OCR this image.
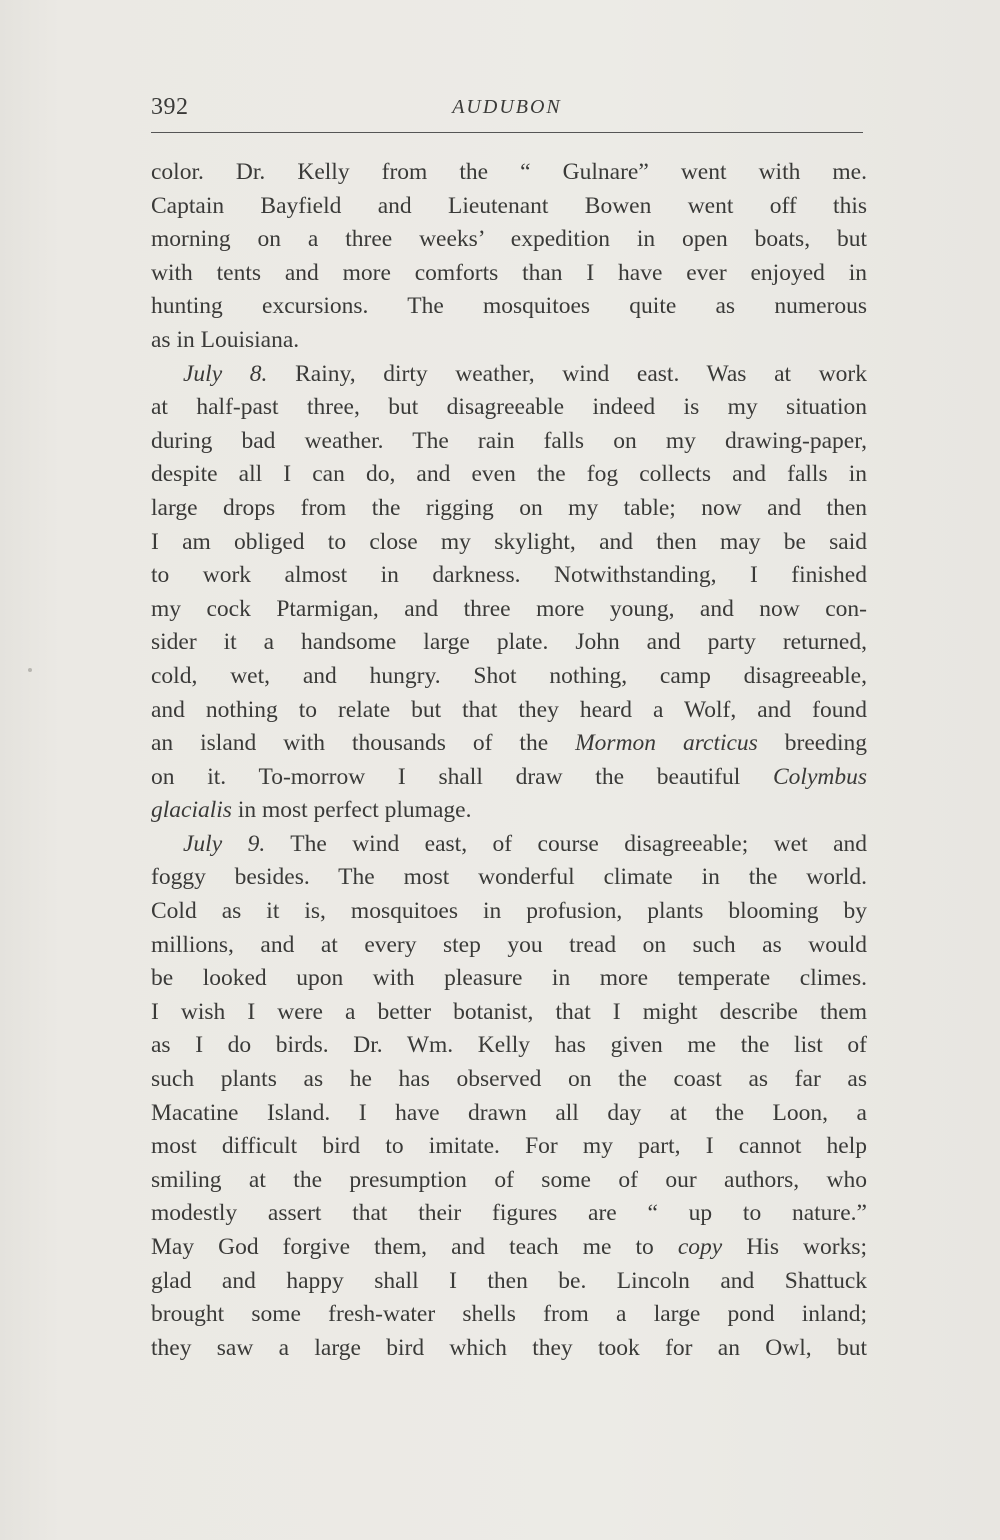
392	AUDUBON
color. Dr. Kelly from the “ Gulnare” went with me.
Captain Bayfield and Lieutenant Bowen went off this
morning on a three weeks’ expedition in open boats, but
with tents and more comforts than I have ever enjoyed in
hunting excursions. The mosquitoes quite as numerous
as in Louisiana.
July 8. Rainy, dirty weather, wind east. Was at work
at half-past three, but disagreeable indeed is my situation
during bad weather. The rain falls on my drawing-paper,
despite all I can do, and even the fog collects and falls in
large drops from the rigging on my table; now and then
I am obliged to close my skylight, and then may be said
to work almost in darkness. Notwithstanding, I finished
my cock Ptarmigan, and three more young, and now con-
sider it a handsome large plate. John and party returned,
cold, wet, and hungry. Shot nothing, camp disagreeable,
and nothing to relate but that they heard a Wolf, and found
an island with thousands of the Mormon arcticus breeding
on it. To-morrow I shall draw the beautiful Colymbus
glacialis in most perfect plumage.
July 9. The wind east, of course disagreeable; wet and
foggy besides. The most wonderful climate in the world.
Cold as it is, mosquitoes in profusion, plants blooming by
millions, and at every step you tread on such as would
be looked upon with pleasure in more temperate climes.
I wish I were a better botanist, that I might describe them
as I do birds. Dr. Wm. Kelly has given me the list of
such plants as he has observed on the coast as far as
Macatine Island. I have drawn all day at the Loon, a
most difficult bird to imitate. For my part, I cannot help
smiling at the presumption of some of our authors, who
modestly assert that their figures are “ up to nature.”
May God forgive them, and teach me to copy His works;
glad and happy shall I then be. Lincoln and Shattuck
brought some fresh-water shells from a large pond inland;
they saw a large bird which they took for an Owl, but
